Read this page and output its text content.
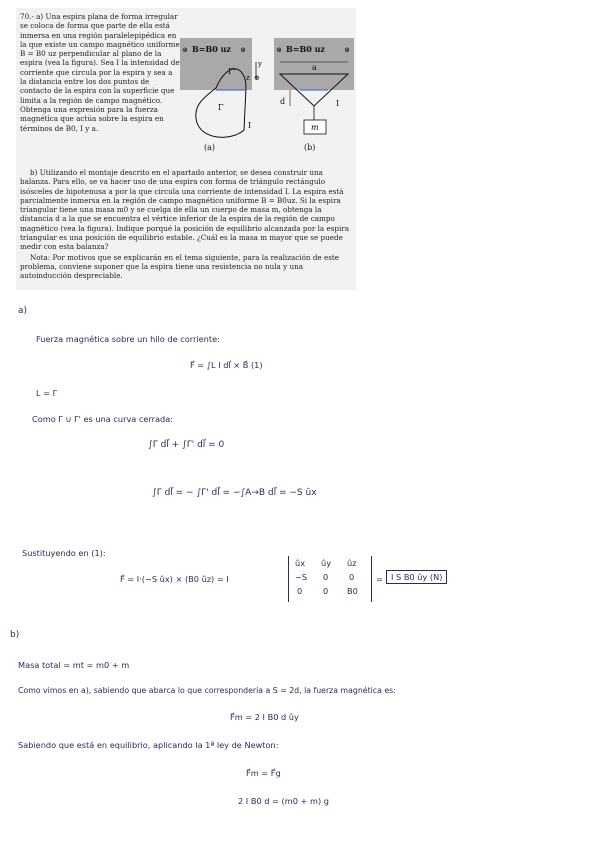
70.- a) Una espira plana de forma irregular se coloca de forma que parte de ella está inmersa en una región paralelepipédica en la que existe un campo magnético uniforme B = B0 uz perpendicular al plano de la espira (vea la figura). Sea I la intensidad de corriente que circula por la espira y sea a la distancia entre los dos puntos de contacto de la espira con la superficie que limita a la región de campo magnético. Obtenga una expresión para la fuerza magnética que actúa sobre la espira en términos de B0, I y a.

B=B0 uz
⊛	⊛
Γ'
Γ
I
y
z ⊕
(a)
B=B0 uz
⊛	⊛
a
d	I
m
(b)

b) Utilizando el montaje descrito en el apartado anterior, se desea construir una balanza. Para ello, se va hacer uso de una espira con forma de triángulo rectángulo isósceles de hipotenusa a por la que circula una corriente de intensidad I. La espira está parcialmente inmersa en la región de campo magnético uniforme B = B0uz. Si la espira triangular tiene una masa m0 y se cuelga de ella un cuerpo de masa m, obtenga la distancia d a la que se encuentra el vértice inferior de la espira de la región de campo magnético (vea la figura). Indique porqué la posición de equilibrio alcanzada por la espira triangular es una posición de equilibrio estable. ¿Cuál es la masa m mayor que se puede medir con esta balanza?

Nota: Por motivos que se explicarán en el tema siguiente, para la realización de este problema, conviene suponer que la espira tiene una resistencia no nula y una autoinducción despreciable.

a)
Fuerza magnética sobre un hilo de corriente:
F⃗ = ∫L I dl⃗ × B⃗ (1)
L = Γ
Como Γ ∪ Γ' es una curva cerrada:
∫Γ dl⃗ + ∫Γ' dl⃗ = 0
∫Γ dl⃗ = − ∫Γ' dl⃗ = −∫A→B dl⃗ = −S ûx
Sustituyendo en (1):
F⃗ = I·(−S ûx) × (B0 ûz) = I
ûx ûy ûz
−S 0	0
0	0 B0
= I S B0 ûy (N)
b)
Masa total = mt = m0 + m
Como vimos en a), sabiendo que abarca lo que correspondería a S = 2d, la fuerza magnética es:
F⃗m = 2 I B0 d ûy
Sabiendo que está en equilibrio, aplicando la 1ª ley de Newton:
F⃗m = F⃗g
2 I B0 d = (m0 + m) g
